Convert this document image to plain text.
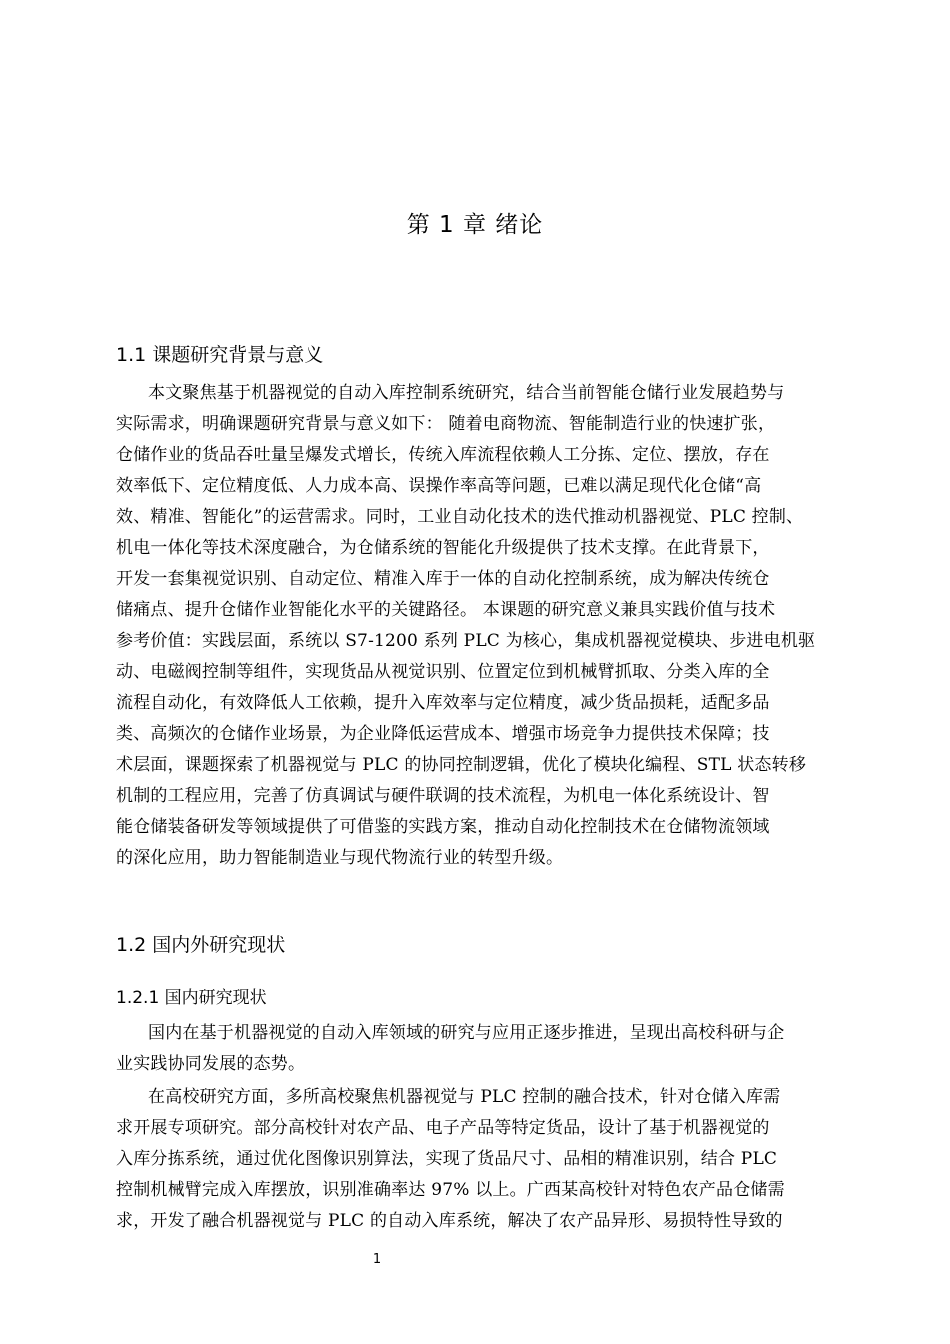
第 1 章 绪论
1.1 课题研究背景与意义
本文聚焦基于机器视觉的自动入库控制系统研究，结合当前智能仓储行业发展趋势与
实际需求，明确课题研究背景与意义如下： 随着电商物流、智能制造行业的快速扩张，
仓储作业的货品吞吐量呈爆发式增长，传统入库流程依赖人工分拣、定位、摆放，存在
效率低下、定位精度低、人力成本高、误操作率高等问题，已难以满足现代化仓储“高
效、精准、智能化”的运营需求。同时，工业自动化技术的迭代推动机器视觉、PLC 控制、
机电一体化等技术深度融合，为仓储系统的智能化升级提供了技术支撑。在此背景下，
开发一套集视觉识别、自动定位、精准入库于一体的自动化控制系统，成为解决传统仓
储痛点、提升仓储作业智能化水平的关键路径。 本课题的研究意义兼具实践价值与技术
参考价值：实践层面，系统以 S7-1200 系列 PLC 为核心，集成机器视觉模块、步进电机驱
动、电磁阀控制等组件，实现货品从视觉识别、位置定位到机械臂抓取、分类入库的全
流程自动化，有效降低人工依赖，提升入库效率与定位精度，减少货品损耗，适配多品
类、高频次的仓储作业场景，为企业降低运营成本、增强市场竞争力提供技术保障；技
术层面，课题探索了机器视觉与 PLC 的协同控制逻辑，优化了模块化编程、STL 状态转移
机制的工程应用，完善了仿真调试与硬件联调的技术流程，为机电一体化系统设计、智
能仓储装备研发等领域提供了可借鉴的实践方案，推动自动化控制技术在仓储物流领域
的深化应用，助力智能制造业与现代物流行业的转型升级。
1.2 国内外研究现状
1.2.1 国内研究现状
国内在基于机器视觉的自动入库领域的研究与应用正逐步推进，呈现出高校科研与企
业实践协同发展的态势。
在高校研究方面，多所高校聚焦机器视觉与 PLC 控制的融合技术，针对仓储入库需
求开展专项研究。部分高校针对农产品、电子产品等特定货品，设计了基于机器视觉的
入库分拣系统，通过优化图像识别算法，实现了货品尺寸、品相的精准识别，结合 PLC
控制机械臂完成入库摆放，识别准确率达 97% 以上。广西某高校针对特色农产品仓储需
求，开发了融合机器视觉与 PLC 的自动入库系统，解决了农产品异形、易损特性导致的
1
